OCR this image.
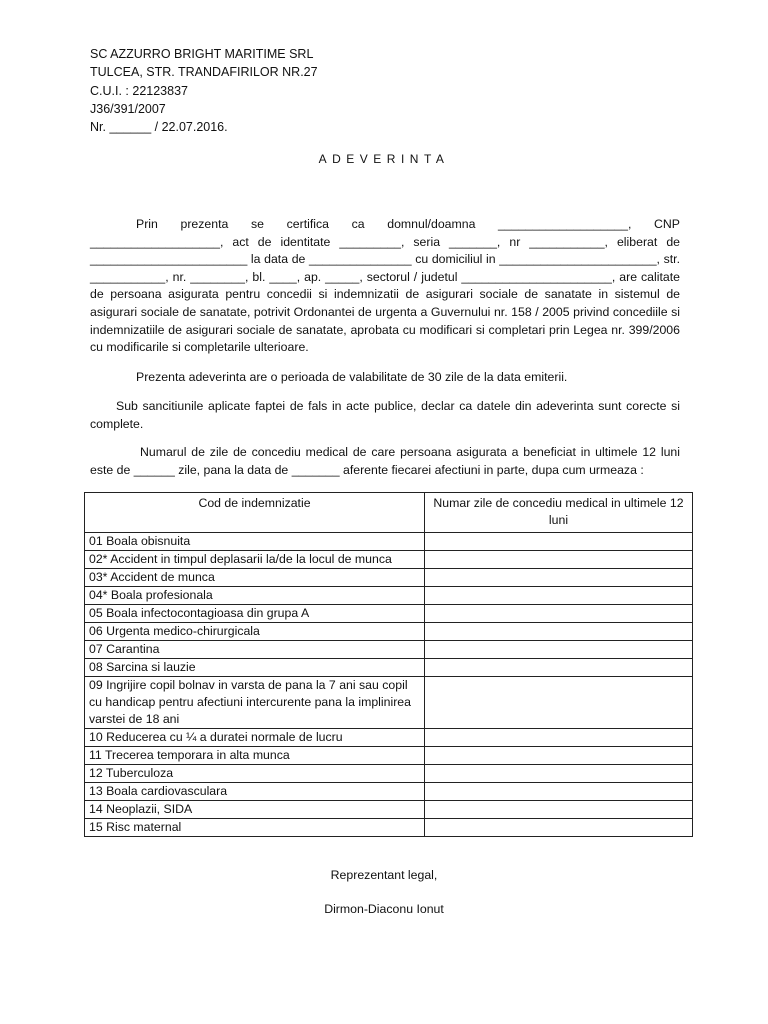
SC AZZURRO BRIGHT MARITIME SRL
TULCEA, STR. TRANDAFIRILOR NR.27
C.U.I. : 22123837
J36/391/2007
Nr. ______ / 22.07.2016.
ADEVERINTA
Prin prezenta se certifica ca domnul/doamna ___________________, CNP ___________________, act de identitate _________, seria _______, nr ___________, eliberat de _______________________ la data de _______________ cu domiciliul in _______________________, str. ___________, nr. ________, bl. ____, ap. _____, sectorul / judetul ______________________, are calitate de persoana asigurata pentru concedii si indemnizatii de asigurari sociale de sanatate in sistemul de asigurari sociale de sanatate, potrivit Ordonantei de urgenta a Guvernului nr. 158 / 2005 privind concediile si indemnizatiile de asigurari sociale de sanatate, aprobata cu modificari si completari prin Legea nr. 399/2006 cu modificarile si completarile ulterioare.
Prezenta adeverinta are o perioada de valabilitate de 30 zile de la data emiterii.
Sub sancitiunile aplicate faptei de fals in acte publice, declar ca datele din adeverinta sunt corecte si complete.
Numarul de zile de concediu medical de care persoana asigurata a beneficiat in ultimele 12 luni este de ______ zile, pana la data de _______ aferente fiecarei afectiuni in parte, dupa cum urmeaza :
Cod de indemnizatie	Numar zile de concediu medical in ultimele 12 luni
01 Boala obisnuita	
02* Accident in timpul deplasarii la/de la locul de munca	
03* Accident de munca	
04* Boala profesionala	
05 Boala infectocontagioasa din grupa A	
06 Urgenta medico-chirurgicala	
07 Carantina	
08 Sarcina si lauzie	
09 Ingrijire copil bolnav in varsta de pana la 7 ani sau copil cu handicap pentru afectiuni intercurente pana la implinirea varstei de 18 ani	
10 Reducerea cu ¼ a duratei normale de lucru	
11 Trecerea temporara in alta munca	
12 Tuberculoza	
13 Boala cardiovasculara	
14 Neoplazii, SIDA	
15 Risc maternal	
Reprezentant legal,
Dirmon-Diaconu Ionut
